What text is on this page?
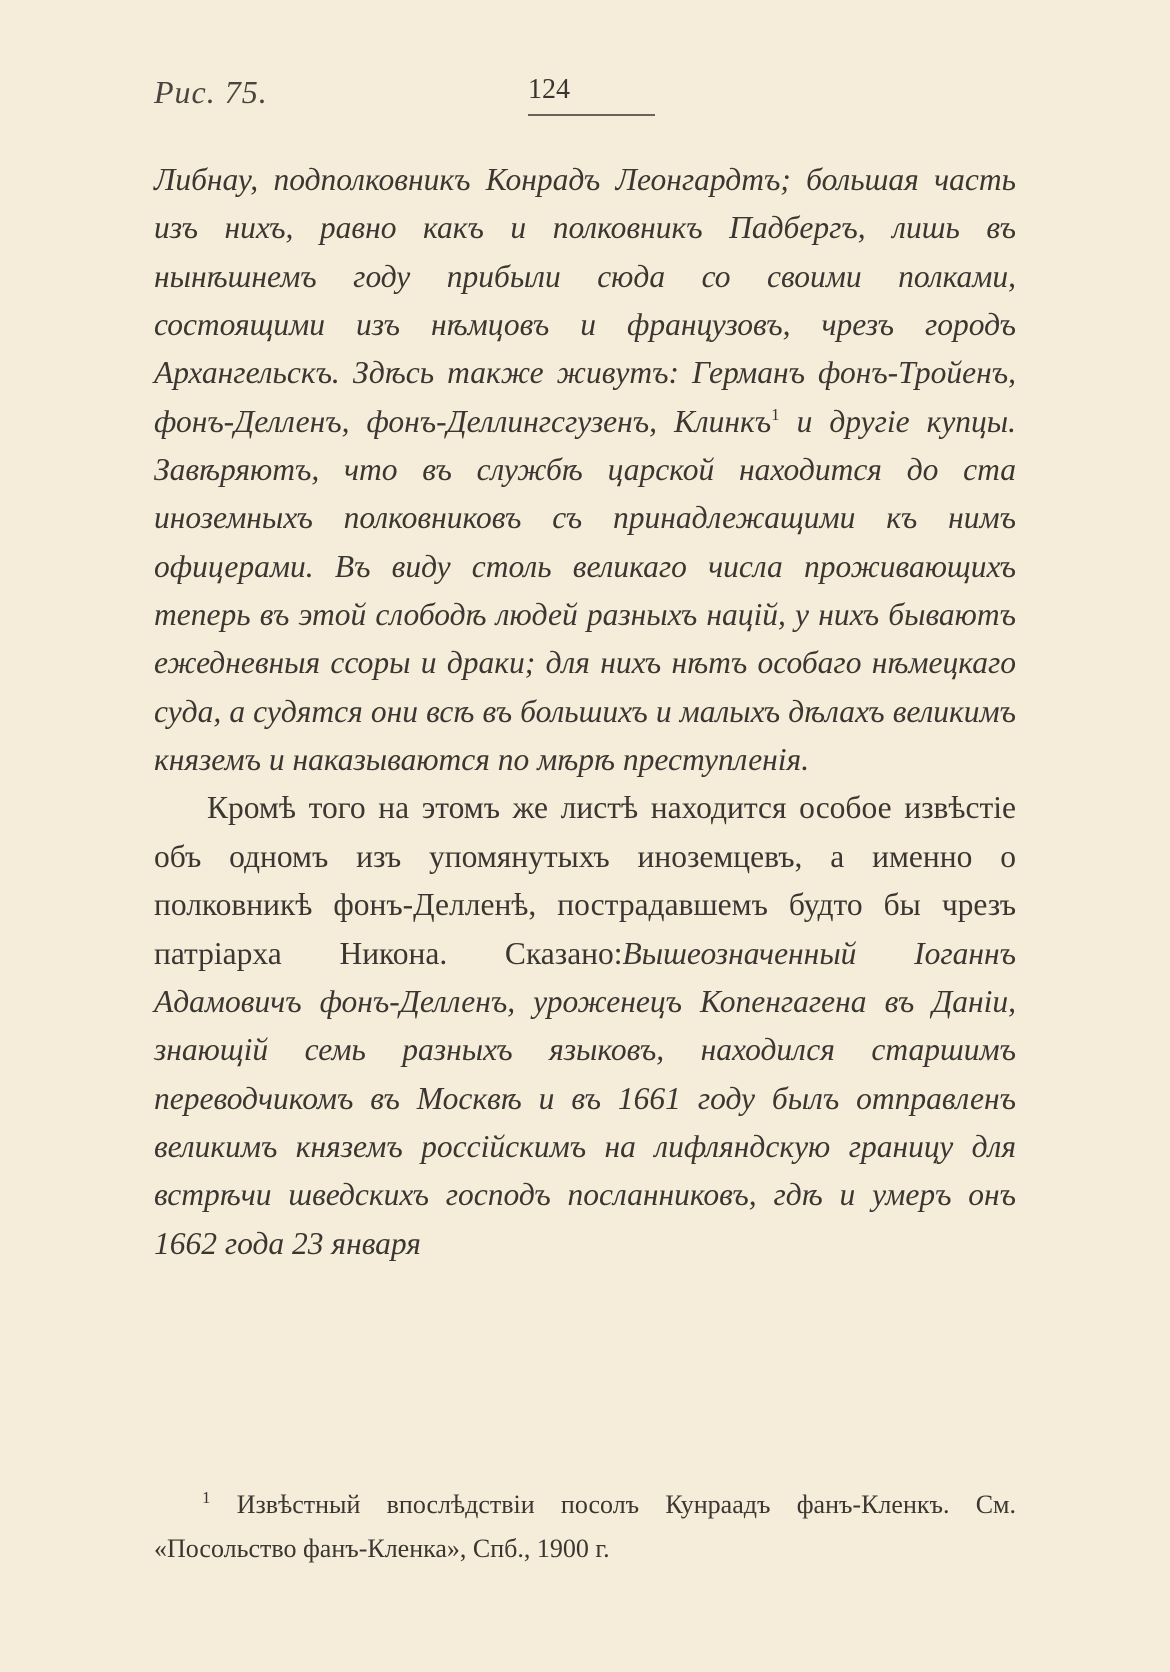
Рис. 75.	124

Либнау, подполковникъ Конрадъ Леонгардтъ; большая часть изъ нихъ, равно какъ и полковникъ Падбергъ, лишь въ нынѣшнемъ году прибыли сюда со своими полками, состоящими изъ нѣмцовъ и французовъ, чрезъ городъ Архангельскъ. Здѣсь также живутъ: Германъ фонъ-Тройенъ, фонъ-Делленъ, фонъ-Деллингсгузенъ, Клинкъ$^1$ и другіе купцы. Завѣряютъ, что въ службѣ царской находится до ста иноземныхъ полковниковъ съ принадлежащими къ нимъ офицерами. Въ виду столь великаго числа проживающихъ теперь въ этой слободѣ людей разныхъ націй, у нихъ бываютъ ежедневныя ссоры и драки; для нихъ нѣтъ особаго нѣмецкаго суда, а судятся они всѣ въ большихъ и малыхъ дѣлахъ великимъ княземъ и наказываются по мѣрѣ преступленія.

Кромѣ того на этомъ же листѣ находится особое извѣстіе объ одномъ изъ упомянутыхъ иноземцевъ, а именно о полковникѣ фонъ-Делленѣ, пострадавшемъ будто бы чрезъ патріарха Никона. Сказано:Вышеозначенный Іоганнъ Адамовичъ фонъ-Делленъ, уроженецъ Копенгагена въ Даніи, знающій семь разныхъ языковъ, находился старшимъ переводчикомъ въ Москвѣ и въ 1661 году былъ отправленъ великимъ княземъ россійскимъ на лифляндскую границу для встрѣчи шведскихъ господъ посланниковъ, гдѣ и умеръ онъ 1662 года 23 января

$^1$ Извѣстный впослѣдствіи посолъ Кунраадъ фанъ-Кленкъ. См. «Посольство фанъ-Кленка», Спб., 1900 г.
